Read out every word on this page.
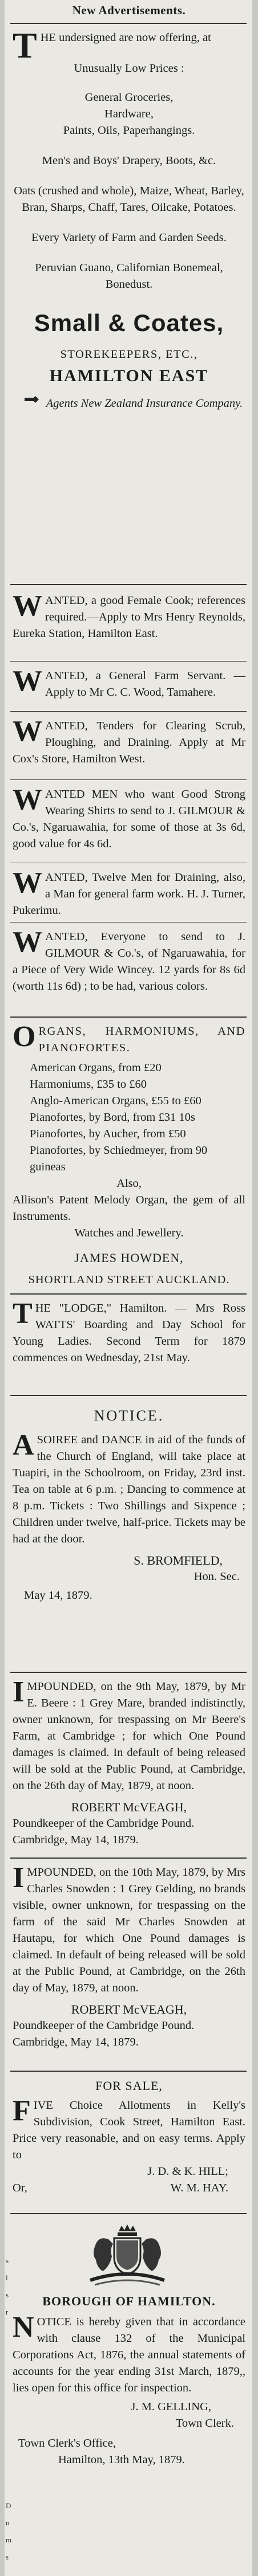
s
l
s
r
D
n
m
s
New Advertisements.
THE undersigned are now offering, at
Unusually Low Prices :
General Groceries,
Hardware,
Paints, Oils, Paperhangings.
Men's and Boys' Drapery, Boots, &c.
Oats (crushed and whole), Maize, Wheat, Barley, Bran, Sharps, Chaff, Tares, Oilcake, Potatoes.
Every Variety of Farm and Garden Seeds.
Peruvian Guano, Californian Bonemeal, Bonedust.
Small & Coates,
STOREKEEPERS, ETC.,
HAMILTON EAST
Agents New Zealand Insurance Company.
WANTED, a good Female Cook; references required.—Apply to Mrs Henry Reynolds, Eureka Station, Hamilton East.
WANTED, a General Farm Servant. —Apply to Mr C. C. Wood, Tamahere.
WANTED, Tenders for Clearing Scrub, Ploughing, and Draining. Apply at Mr Cox's Store, Hamilton West.
WANTED MEN who want Good Strong Wearing Shirts to send to J. GILMOUR & Co.'s, Ngaruawahia, for some of those at 3s 6d, good value for 4s 6d.
WANTED, Twelve Men for Draining, also, a Man for general farm work. H. J. Turner, Pukerimu.
WANTED, Everyone to send to J. GILMOUR & Co.'s, of Ngaruawahia, for a Piece of Very Wide Wincey. 12 yards for 8s 6d (worth 11s 6d) ; to be had, various colors.
ORGANS, HARMONIUMS, AND PIANOFORTES.
American Organs, from £20
Harmoniums, £35 to £60
Anglo-American Organs, £55 to £60
Pianofortes, by Bord, from £31 10s
Pianofortes, by Aucher, from £50
Pianofortes, by Schiedmeyer, from 90 guineas
Also,
Allison's Patent Melody Organ, the gem of all Instruments.
Watches and Jewellery.
JAMES HOWDEN,
SHORTLAND STREET AUCKLAND.
THE "LODGE," Hamilton. — Mrs Ross WATTS' Boarding and Day School for Young Ladies. Second Term for 1879 commences on Wednesday, 21st May.
NOTICE.
ASOIREE and DANCE in aid of the funds of the Church of England, will take place at Tuapiri, in the Schoolroom, on Friday, 23rd inst. Tea on table at 6 p.m. ; Dancing to commence at 8 p.m. Tickets : Two Shillings and Sixpence ; Children under twelve, half-price. Tickets may be had at the door.
S. BROMFIELD,
Hon. Sec.
May 14, 1879.
IMPOUNDED, on the 9th May, 1879, by Mr E. Beere : 1 Grey Mare, branded indistinctly, owner unknown, for trespassing on Mr Beere's Farm, at Cambridge ; for which One Pound damages is claimed. In default of being released will be sold at the Public Pound, at Cambridge, on the 26th day of May, 1879, at noon.
ROBERT McVEAGH,
Poundkeeper of the Cambridge Pound.
Cambridge, May 14, 1879.
IMPOUNDED, on the 10th May, 1879, by Mrs Charles Snowden : 1 Grey Gelding, no brands visible, owner unknown, for trespassing on the farm of the said Mr Charles Snowden at Hautapu, for which One Pound damages is claimed. In default of being released will be sold at the Public Pound, at Cambridge, on the 26th day of May, 1879, at noon.
ROBERT McVEAGH,
Poundkeeper of the Cambridge Pound.
Cambridge, May 14, 1879.
FOR SALE,
FIVE Choice Allotments in Kelly's Subdivision, Cook Street, Hamilton East. Price very reasonable, and on easy terms. Apply to
J. D. & K. HILL;
Or,	W. M. HAY.
BOROUGH OF HAMILTON.
NOTICE is hereby given that in accordance with clause 132 of the Municipal Corporations Act, 1876, the annual statements of accounts for the year ending 31st March, 1879,, lies open for this office for inspection.
J. M. GELLING,
Town Clerk.
Town Clerk's Office,
Hamilton, 13th May, 1879.
